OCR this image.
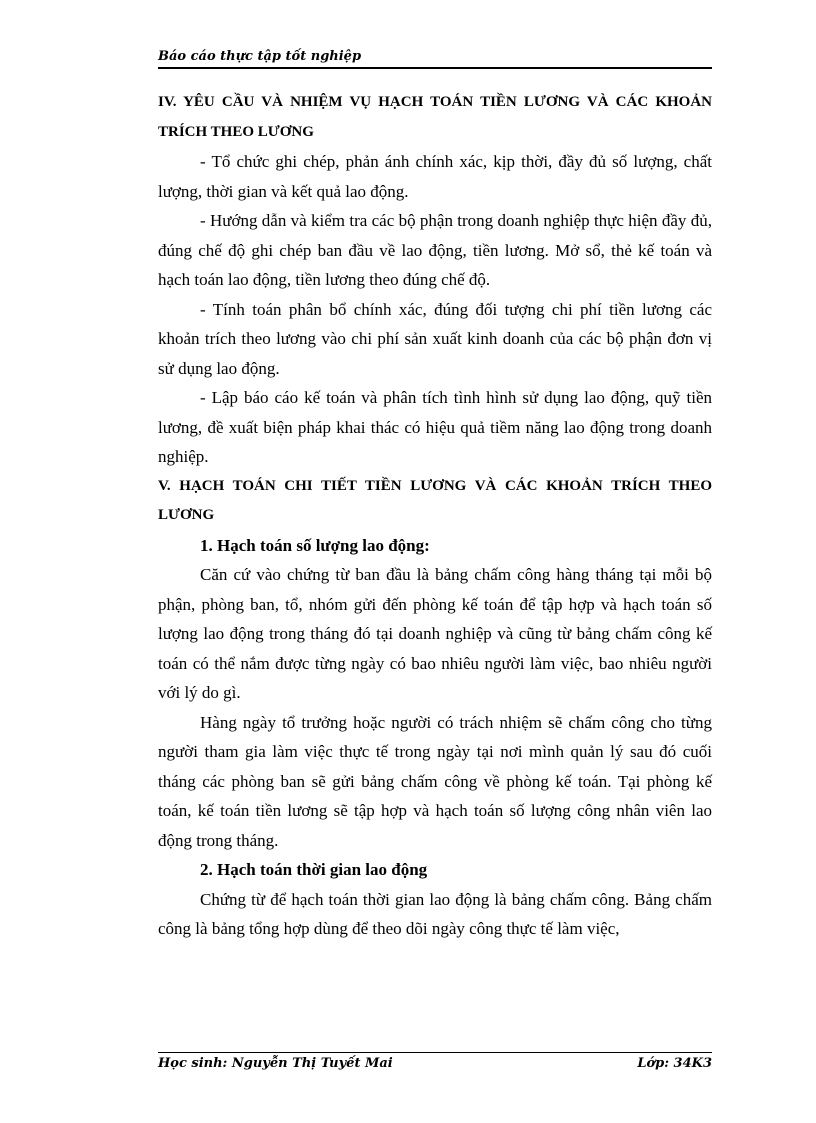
Báo cáo thực tập tốt nghiệp

IV. YÊU CẦU VÀ NHIỆM VỤ HẠCH TOÁN TIỀN LƯƠNG VÀ CÁC KHOẢN TRÍCH THEO LƯƠNG

- Tổ chức ghi chép, phản ánh chính xác, kịp thời, đầy đủ số lượng, chất lượng, thời gian và kết quả lao động.

- Hướng dẫn và kiểm tra các bộ phận trong doanh nghiệp thực hiện đầy đủ, đúng chế độ ghi chép ban đầu về lao động, tiền lương. Mở sổ, thẻ kế toán và hạch toán lao động, tiền lương theo đúng chế độ.

- Tính toán phân bổ chính xác, đúng đối tượng chi phí tiền lương các khoản trích theo lương vào chi phí sản xuất kinh doanh của các bộ phận đơn vị sử dụng lao động.

- Lập báo cáo kế toán và phân tích tình hình sử dụng lao động, quỹ tiền lương, đề xuất biện pháp khai thác có hiệu quả tiềm năng lao động trong doanh nghiệp.

V. HẠCH TOÁN CHI TIẾT TIỀN LƯƠNG VÀ CÁC KHOẢN TRÍCH THEO LƯƠNG

1. Hạch toán số lượng lao động:

Căn cứ vào chứng từ ban đầu là bảng chấm công hàng tháng tại mỗi bộ phận, phòng ban, tổ, nhóm gửi đến phòng kế toán để tập hợp và hạch toán số lượng lao động trong tháng đó tại doanh nghiệp và cũng từ bảng chấm công kế toán có thể nắm được từng ngày có bao nhiêu người làm việc, bao nhiêu người với lý do gì.

Hàng ngày tổ trưởng hoặc người có trách nhiệm sẽ chấm công cho từng người tham gia làm việc thực tế trong ngày tại nơi mình quản lý sau đó cuối tháng các phòng ban sẽ gửi bảng chấm công về phòng kế toán. Tại phòng kế toán, kế toán tiền lương sẽ tập hợp và hạch toán số lượng công nhân viên lao động trong tháng.

2. Hạch toán thời gian lao động

Chứng từ để hạch toán thời gian lao động là bảng chấm công. Bảng chấm công là bảng tổng hợp dùng để theo dõi ngày công thực tế làm việc,

Học sinh: Nguyễn Thị Tuyết Mai	Lớp: 34K3
